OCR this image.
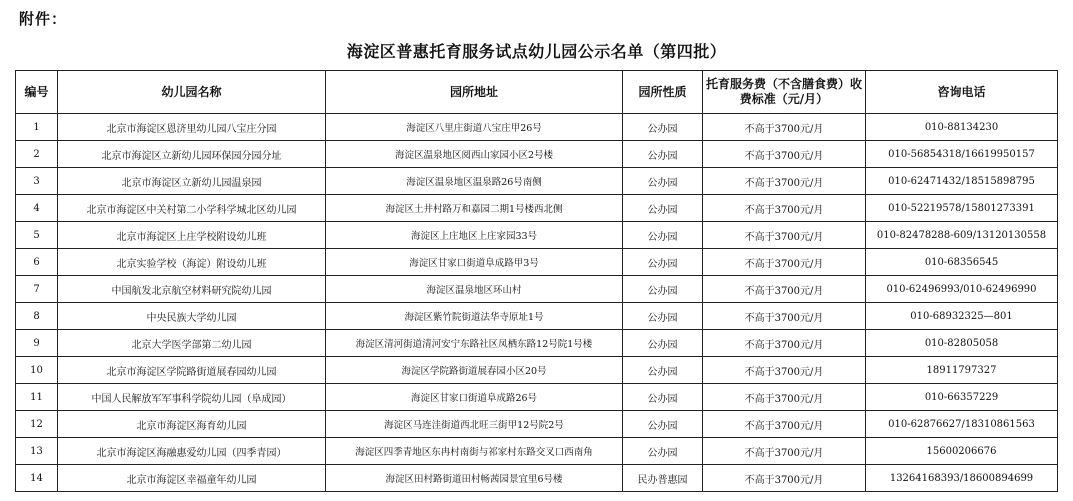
附件：
海淀区普惠托育服务试点幼儿园公示名单（第四批）
编号	幼儿园名称	园所地址	园所性质	托育服务费（不含膳食费）收费标准（元/月）	咨询电话
1	北京市海淀区恩济里幼儿园八宝庄分园	海淀区八里庄街道八宝庄甲26号	公办园	不高于3700元/月	010-88134230
2	北京市海淀区立新幼儿园环保园分园分址	海淀区温泉地区阅西山家园小区2号楼	公办园	不高于3700元/月	010-56854318/16619950157
3	北京市海淀区立新幼儿园温泉园	海淀区温泉地区温泉路26号南侧	公办园	不高于3700元/月	010-62471432/18515898795
4	北京市海淀区中关村第二小学科学城北区幼儿园	海淀区土井村路万和嘉园二期1号楼西北侧	公办园	不高于3700元/月	010-52219578/15801273391
5	北京市海淀区上庄学校附设幼儿班	海淀区上庄地区上庄家园33号	公办园	不高于3700元/月	010-82478288-609/13120130558
6	北京实验学校（海淀）附设幼儿班	海淀区甘家口街道阜成路甲3号	公办园	不高于3700元/月	010-68356545
7	中国航发北京航空材料研究院幼儿园	海淀区温泉地区环山村	公办园	不高于3700元/月	010-62496993/010-62496990
8	中央民族大学幼儿园	海淀区紫竹院街道法华寺原址1号	公办园	不高于3700元/月	010-68932325—801
9	北京大学医学部第二幼儿园	海淀区清河街道清河安宁东路社区凤栖东路12号院1号楼	公办园	不高于3700元/月	010-82805058
10	北京市海淀区学院路街道展春园幼儿园	海淀区学院路街道展春园小区20号	公办园	不高于3700元/月	18911797327
11	中国人民解放军军事科学院幼儿园（阜成园）	海淀区甘家口街道阜成路26号	公办园	不高于3700元/月	010-66357229
12	北京市海淀区海育幼儿园	海淀区马连洼街道西北旺三街甲12号院2号	公办园	不高于3700元/月	010-62876627/18310861563
13	北京市海淀区海融惠爱幼儿园（四季青园）	海淀区四季青地区东冉村南街与祁家村东路交叉口西南角	公办园	不高于3700元/月	15600206676
14	北京市海淀区幸福童年幼儿园	海淀区田村路街道田村畅茜园景宜里6号楼	民办普惠园	不高于3700元/月	13264168393/18600894699
